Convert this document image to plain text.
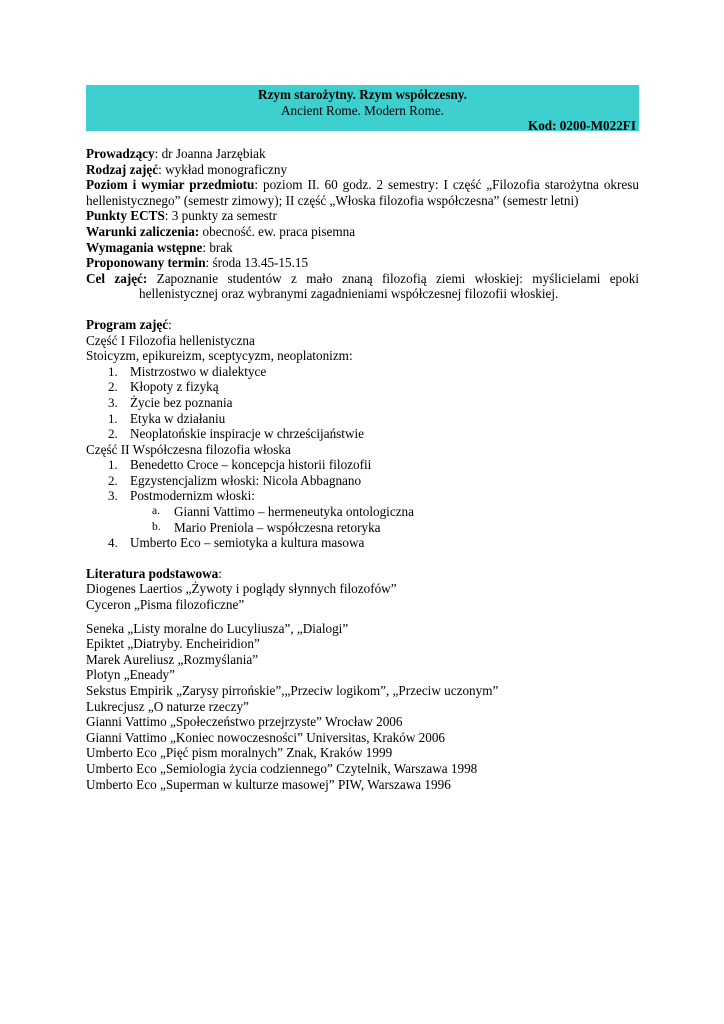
Rzym starożytny. Rzym współczesny.
Ancient Rome. Modern Rome.
Kod: 0200-M022FI
Prowadzący: dr Joanna Jarzębiak
Rodzaj zajęć: wykład monograficzny
Poziom i wymiar przedmiotu: poziom II. 60 godz. 2 semestry: I część „Filozofia starożytna okresu hellenistycznego” (semestr zimowy); II część „Włoska filozofia współczesna” (semestr letni)
Punkty ECTS: 3 punkty za semestr
Warunki zaliczenia: obecność. ew. praca pisemna
Wymagania wstępne: brak
Proponowany termin: środa 13.45-15.15
Cel zajęć: Zapoznanie studentów z mało znaną filozofią ziemi włoskiej: myślicielami epoki hellenistycznej oraz wybranymi zagadnieniami współczesnej filozofii włoskiej.
Program zajęć:
Część I Filozofia hellenistyczna
Stoicyzm, epikureizm, sceptycyzm, neoplatonizm:
1. Mistrzostwo w dialektyce
2. Kłopoty z fizyką
3. Życie bez poznania
1. Etyka w działaniu
2. Neoplatońskie inspiracje w chrześcijaństwie
Część II Współczesna filozofia włoska
1. Benedetto Croce – koncepcja historii filozofii
2. Egzystencjalizm włoski: Nicola Abbagnano
3. Postmodernizm włoski:
a. Gianni Vattimo – hermeneutyka ontologiczna
b. Mario Preniola – współczesna retoryka
4. Umberto Eco – semiotyka a kultura masowa
Literatura podstawowa:
Diogenes Laertios „Żywoty i poglądy słynnych filozofów”
Cyceron „Pisma filozoficzne”
Seneka „Listy moralne do Lucyliusza”, „Dialogi”
Epiktet „Diatryby. Encheiridion”
Marek Aureliusz „Rozmyślania”
Plotyn „Eneady”
Sekstus Empirik „Zarysy pirrońskie”,„Przeciw logikom”, „Przeciw uczonym”
Lukrecjusz „O naturze rzeczy”
Gianni Vattimo „Społeczeństwo przejrzyste” Wrocław 2006
Gianni Vattimo „Koniec nowoczesności” Universitas, Kraków 2006
Umberto Eco „Pięć pism moralnych” Znak, Kraków 1999
Umberto Eco „Semiologia życia codziennego” Czytelnik, Warszawa 1998
Umberto Eco „Superman w kulturze masowej” PIW, Warszawa 1996
